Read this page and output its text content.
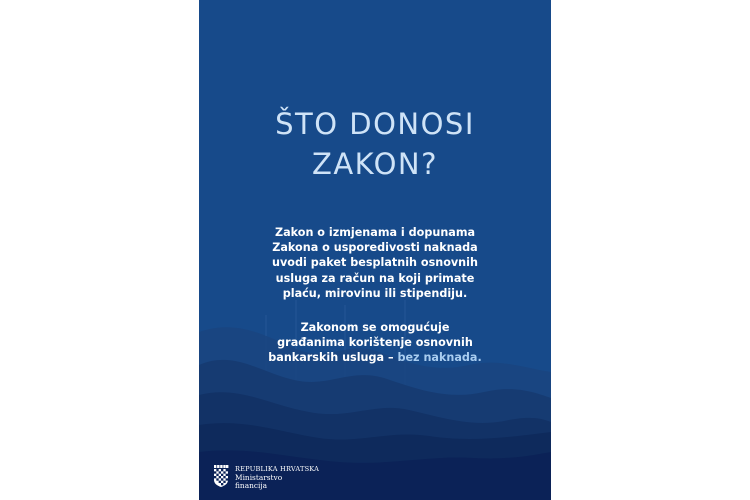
ŠTO DONOSI
ZAKON?
Zakon o izmjenama i dopunama
Zakona o usporedivosti naknada
uvodi paket besplatnih osnovnih
usluga za račun na koji primate
plaću, mirovinu ili stipendiju.
Zakonom se omogućuje
građanima korištenje osnovnih
bankarskih usluga – bez naknada.
REPUBLIKA HRVATSKA
Ministarstvo
financija
